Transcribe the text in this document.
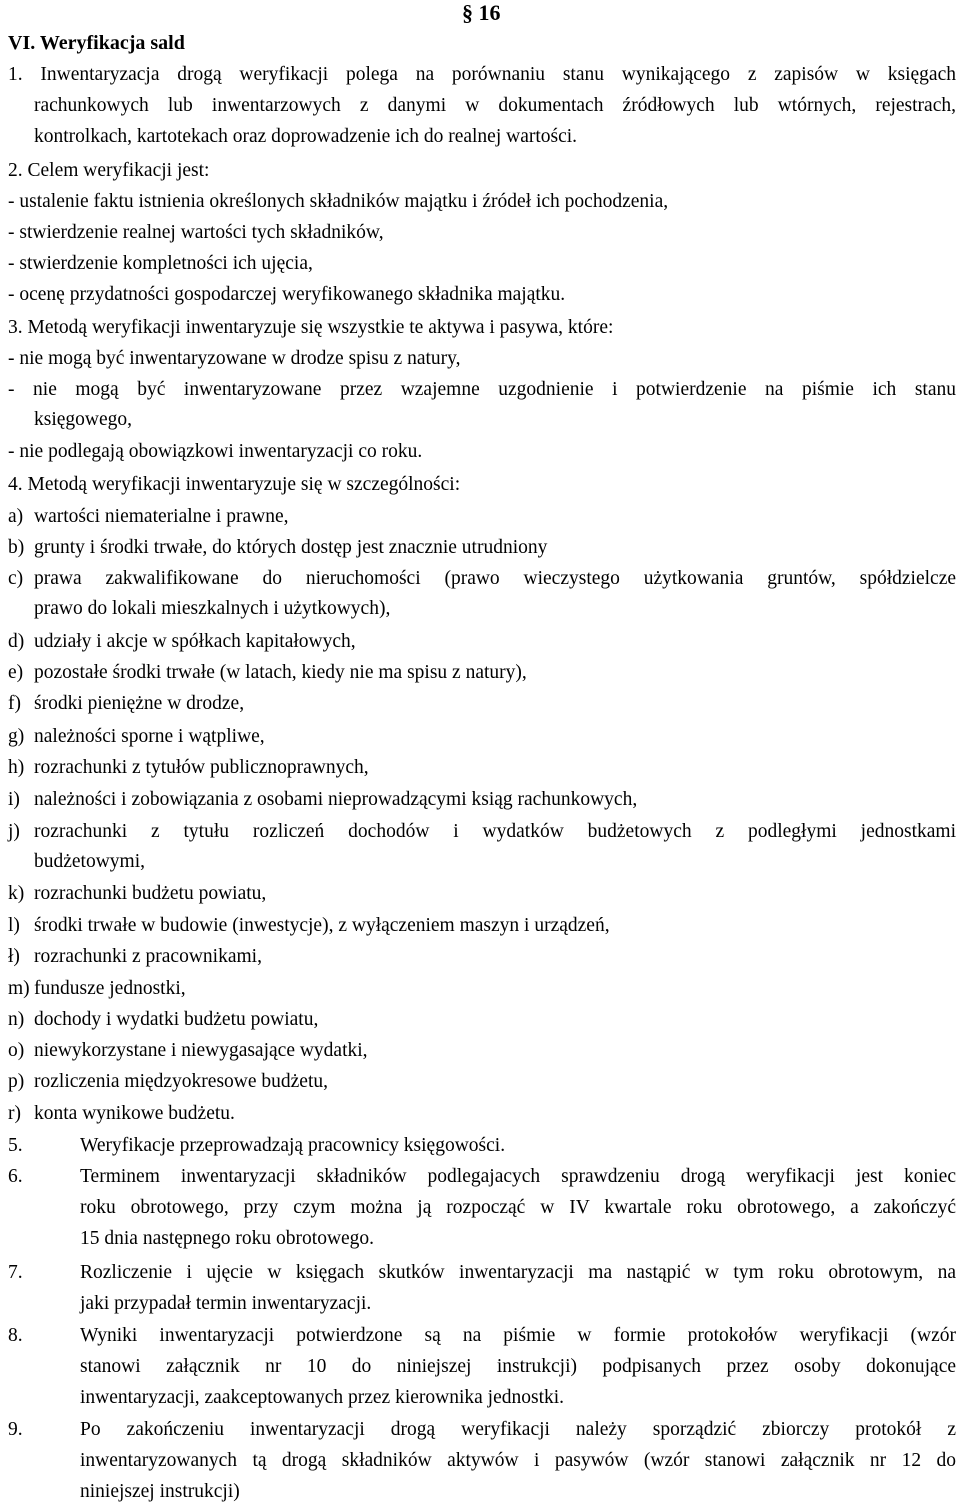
§ 16
VI. Weryfikacja sald
1. Inwentaryzacja drogą weryfikacji polega na porównaniu stanu wynikającego z zapisów w księgach
rachunkowych lub inwentarzowych z danymi w dokumentach źródłowych lub wtórnych, rejestrach,
kontrolkach, kartotekach oraz doprowadzenie ich do realnej wartości.
2. Celem weryfikacji jest:
- ustalenie faktu istnienia określonych składników majątku i źródeł ich pochodzenia,
- stwierdzenie realnej wartości tych składników,
- stwierdzenie kompletności ich ujęcia,
- ocenę przydatności gospodarczej weryfikowanego składnika majątku.
3. Metodą weryfikacji inwentaryzuje się wszystkie te aktywa i pasywa, które:
- nie mogą być inwentaryzowane w drodze spisu z natury,
- nie mogą być inwentaryzowane przez wzajemne uzgodnienie i potwierdzenie na piśmie ich stanu
księgowego,
- nie podlegają obowiązkowi inwentaryzacji co roku.
4. Metodą weryfikacji inwentaryzuje się w szczególności:
a) wartości niematerialne i prawne,
b) grunty i środki trwałe, do których dostęp jest znacznie utrudniony
c) prawa zakwalifikowane do nieruchomości (prawo wieczystego użytkowania gruntów, spółdzielcze
prawo do lokali mieszkalnych i użytkowych),
d) udziały i akcje w spółkach kapitałowych,
e) pozostałe środki trwałe (w latach, kiedy nie ma spisu z natury),
f) środki pieniężne w drodze,
g) należności sporne i wątpliwe,
h) rozrachunki z tytułów publicznoprawnych,
i) należności i zobowiązania z osobami nieprowadzącymi ksiąg rachunkowych,
j) rozrachunki z tytułu rozliczeń dochodów i wydatków budżetowych z podległymi jednostkami
budżetowymi,
k) rozrachunki budżetu powiatu,
l) środki trwałe w budowie (inwestycje), z wyłączeniem maszyn i urządzeń,
ł) rozrachunki z pracownikami,
m) fundusze jednostki,
n) dochody i wydatki budżetu powiatu,
o) niewykorzystane i niewygasające wydatki,
p) rozliczenia międzyokresowe budżetu,
r) konta wynikowe budżetu.
5.	Weryfikacje przeprowadzają pracownicy księgowości.
6.	Terminem inwentaryzacji składników podlegajacych sprawdzeniu drogą weryfikacji jest koniec
roku obrotowego, przy czym można ją rozpocząć w IV kwartale roku obrotowego, a zakończyć
15 dnia następnego roku obrotowego.
7.	Rozliczenie i ujęcie w księgach skutków inwentaryzacji ma nastąpić w tym roku obrotowym, na
jaki przypadał termin inwentaryzacji.
8.	Wyniki inwentaryzacji potwierdzone są na piśmie w formie protokołów weryfikacji (wzór
stanowi załącznik nr 10 do niniejszej instrukcji) podpisanych przez osoby dokonujące
inwentaryzacji, zaakceptowanych przez kierownika jednostki.
9.	Po zakończeniu inwentaryzacji drogą weryfikacji należy sporządzić zbiorczy protokół z
inwentaryzowanych tą drogą składników aktywów i pasywów (wzór stanowi załącznik nr 12 do
niniejszej instrukcji)
